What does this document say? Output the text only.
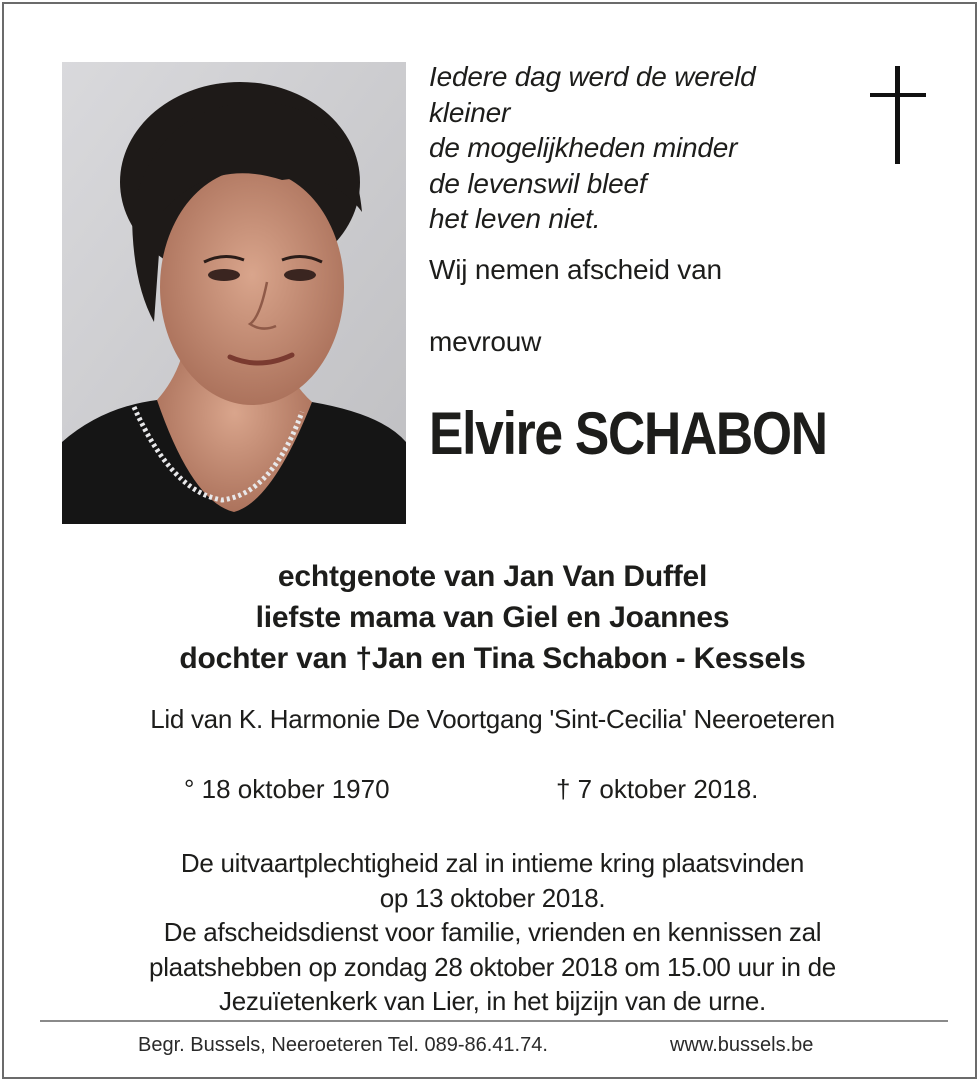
Iedere dag werd de wereld
kleiner
de mogelijkheden minder
de levenswil bleef
het leven niet.
Wij nemen afscheid van
mevrouw
Elvire SCHABON
echtgenote van Jan Van Duffel
liefste mama van Giel en Joannes
dochter van †Jan en Tina Schabon - Kessels
Lid van K. Harmonie De Voortgang 'Sint-Cecilia' Neeroeteren
° 18 oktober 1970	† 7 oktober 2018.
De uitvaartplechtigheid zal in intieme kring plaatsvinden
op 13 oktober 2018.
De afscheidsdienst voor familie, vrienden en kennissen zal
plaatshebben op zondag 28 oktober 2018 om 15.00 uur in de
Jezuïetenkerk van Lier, in het bijzijn van de urne.
Begr. Bussels, Neeroeteren Tel. 089-86.41.74.	www.bussels.be
